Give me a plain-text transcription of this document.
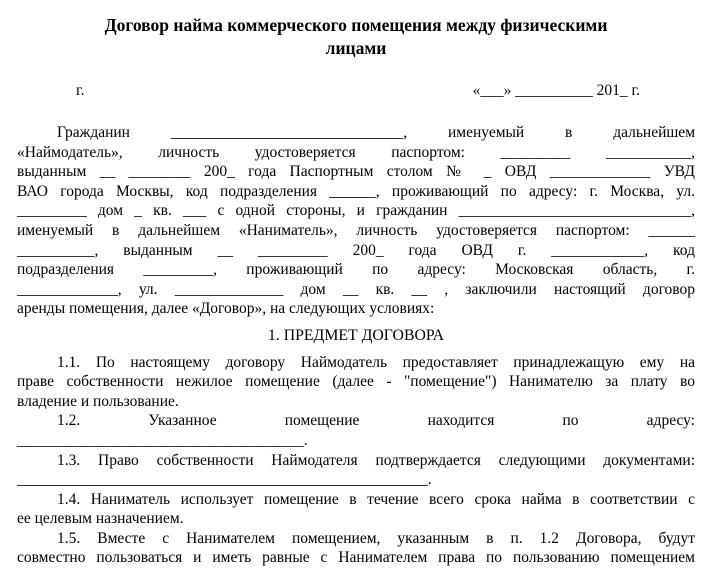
Договор найма коммерческого помещения между физическими
лицами
г.	«___» __________ 201_ г.
Гражданин ______________________________, именуемый в дальнейшем
«Наймодатель», личность удостоверяется паспортом: _________ ___________,
выданным __ ________ 200_ года Паспортным столом № _ ОВД _____________ УВД
ВАО города Москвы, код подразделения ______, проживающий по адресу: г. Москва, ул.
_________ дом _ кв. ___ с одной стороны, и гражданин ______________________________,
именуемый в дальнейшем «Наниматель», личность удостоверяется паспортом: ______
__________, выданным __ _________ 200_ года ОВД г. ____________, код
подразделения _________, проживающий по адресу: Московская область, г.
_____________, ул. ______________ дом __ кв. __ , заключили настоящий договор
аренды помещения, далее «Договор», на следующих условиях:
1. ПРЕДМЕТ ДОГОВОРА
1.1. По настоящему договору Наймодатель предоставляет принадлежащую ему на
праве собственности нежилое помещение (далее - "помещение") Нанимателю за плату во
владение и пользование.
1.2. Указанное помещение находится по адресу:
_____________________________________.
1.3. Право собственности Наймодателя подтверждается следующими документами:
_____________________________________________________.
1.4. Наниматель использует помещение в течение всего срока найма в соответствии с
ее целевым назначением.
1.5. Вместе с Нанимателем помещением, указанным в п. 1.2 Договора, будут
совместно пользоваться и иметь равные с Нанимателем права по пользованию помещением
